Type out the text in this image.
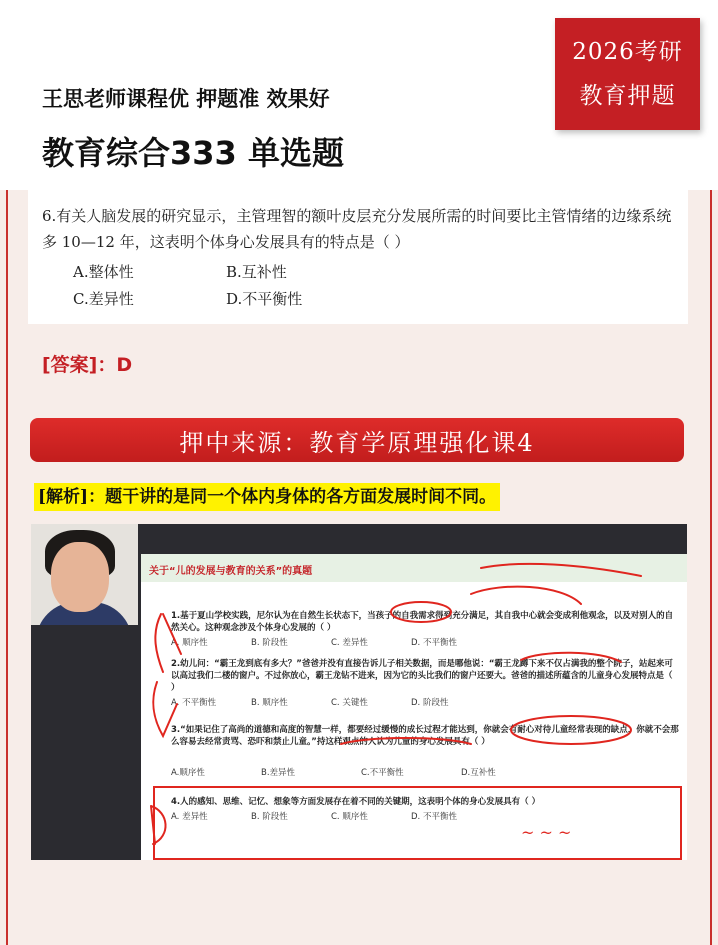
2026考研
教育押题
王思老师课程优 押题准 效果好
教育综合333 单选题
6.有关人脑发展的研究显示，主管理智的额叶皮层充分发展所需的时间要比主管情绪的边缘系统多 10—12 年，这表明个体身心发展具有的特点是（ ）
A.整体性	B.互补性
C.差异性	D.不平衡性
[答案]：D
押中来源：教育学原理强化课4
[解析]：题干讲的是同一个体内身体的各方面发展时间不同。
关于“儿的发展与教育的关系”的真题
1.基于夏山学校实践，尼尔认为在自然生长状态下，当孩子的自我需求得到充分满足，其自我中心就会变成利他观念，以及对别人的自然关心。这种观念涉及个体身心发展的（ ）
A. 顺序性	B. 阶段性	C. 差异性	D. 不平衡性
2.幼儿问：“霸王龙到底有多大？”爸爸并没有直接告诉儿子相关数据，而是哪他说：“霸王龙蹲下来不仅占满我的整个院子，站起来可以高过我们二楼的窗户。不过你放心，霸王龙钻不进来，因为它的头比我们的窗户还要大。爸爸的描述所蕴含的儿童身心发展特点是（ ）
A. 不平衡性	B. 顺序性	C. 关键性	D. 阶段性
3.“如果记住了高尚的道德和高度的智慧一样，都要经过缓慢的成长过程才能达到，你就会有耐心对待儿童经常表现的缺点，你就不会那么容易去经常责骂、恐吓和禁止儿童。”持这样观点的人认为儿童的身心发展具有（ ）
A.顺序性	B.差异性	C.不平衡性	D.互补性
4.人的感知、思维、记忆、想象等方面发展存在着不同的关键期，这表明个体的身心发展具有（ ）
A. 差异性	B. 阶段性	C. 顺序性	D. 不平衡性
~ ~ ~
